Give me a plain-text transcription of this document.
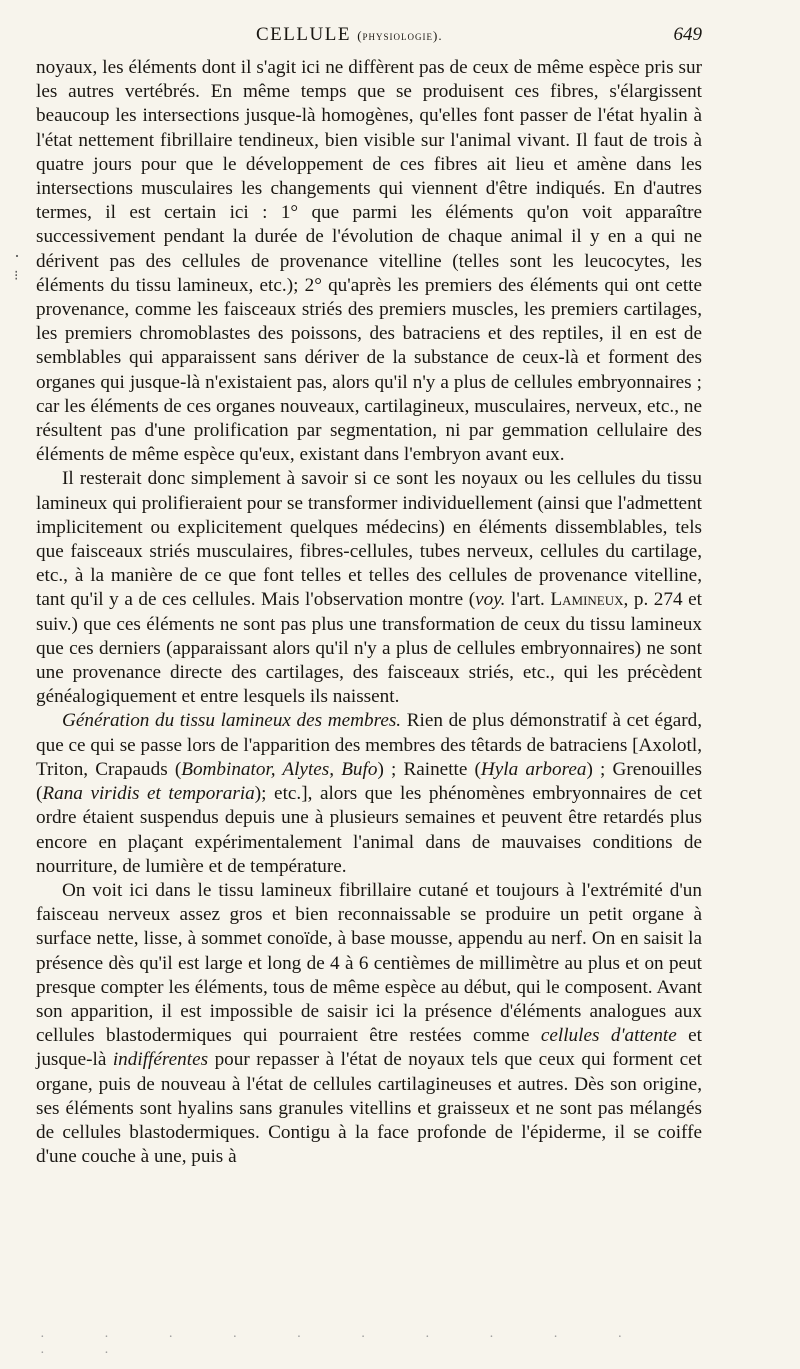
CELLULE (physiologie).	649

noyaux, les éléments dont il s'agit ici ne diffèrent pas de ceux de même espèce pris sur les autres vertébrés. En même temps que se produisent ces fibres, s'élargissent beaucoup les intersections jusque-là homogènes, qu'elles font passer de l'état hyalin à l'état nettement fibrillaire tendineux, bien visible sur l'animal vivant. Il faut de trois à quatre jours pour que le développement de ces fibres ait lieu et amène dans les intersections musculaires les changements qui viennent d'être indiqués. En d'autres termes, il est certain ici : 1° que parmi les éléments qu'on voit apparaître successivement pendant la durée de l'évolution de chaque animal il y en a qui ne dérivent pas des cellules de provenance vitelline (telles sont les leucocytes, les éléments du tissu lamineux, etc.); 2° qu'après les premiers des éléments qui ont cette provenance, comme les faisceaux striés des premiers muscles, les premiers cartilages, les premiers chromoblastes des poissons, des batraciens et des reptiles, il en est de semblables qui apparaissent sans dériver de la substance de ceux-là et forment des organes qui jusque-là n'existaient pas, alors qu'il n'y a plus de cellules embryonnaires ; car les éléments de ces organes nouveaux, cartilagineux, musculaires, nerveux, etc., ne résultent pas d'une prolification par segmentation, ni par gemmation cellulaire des éléments de même espèce qu'eux, existant dans l'embryon avant eux.

Il resterait donc simplement à savoir si ce sont les noyaux ou les cellules du tissu lamineux qui prolifieraient pour se transformer individuellement (ainsi que l'admettent implicitement ou explicitement quelques médecins) en éléments dissemblables, tels que faisceaux striés musculaires, fibres-cellules, tubes nerveux, cellules du cartilage, etc., à la manière de ce que font telles et telles des cellules de provenance vitelline, tant qu'il y a de ces cellules. Mais l'observation montre (voy. l'art. Lamineux, p. 274 et suiv.) que ces éléments ne sont pas plus une transformation de ceux du tissu lamineux que ces derniers (apparaissant alors qu'il n'y a plus de cellules embryonnaires) ne sont une provenance directe des cartilages, des faisceaux striés, etc., qui les précèdent généalogiquement et entre lesquels ils naissent.

Génération du tissu lamineux des membres. Rien de plus démonstratif à cet égard, que ce qui se passe lors de l'apparition des membres des têtards de batraciens [Axolotl, Triton, Crapauds (Bombinator, Alytes, Bufo) ; Rainette (Hyla arborea) ; Grenouilles (Rana viridis et temporaria); etc.], alors que les phénomènes embryonnaires de cet ordre étaient suspendus depuis une à plusieurs semaines et peuvent être retardés plus encore en plaçant expérimentalement l'animal dans de mauvaises conditions de nourriture, de lumière et de température.

On voit ici dans le tissu lamineux fibrillaire cutané et toujours à l'extrémité d'un faisceau nerveux assez gros et bien reconnaissable se produire un petit organe à surface nette, lisse, à sommet conoïde, à base mousse, appendu au nerf. On en saisit la présence dès qu'il est large et long de 4 à 6 centièmes de millimètre au plus et on peut presque compter les éléments, tous de même espèce au début, qui le composent. Avant son apparition, il est impossible de saisir ici la présence d'éléments analogues aux cellules blastodermiques qui pourraient être restées comme cellules d'attente et jusque-là indifférentes pour repasser à l'état de noyaux tels que ceux qui forment cet organe, puis de nouveau à l'état de cellules cartilagineuses et autres. Dès son origine, ses éléments sont hyalins sans granules vitellins et graisseux et ne sont pas mélangés de cellules blastodermiques. Contigu à la face profonde de l'épiderme, il se coiffe d'une couche à une, puis à

·
⁝
· · · · · · · · · · · ·
